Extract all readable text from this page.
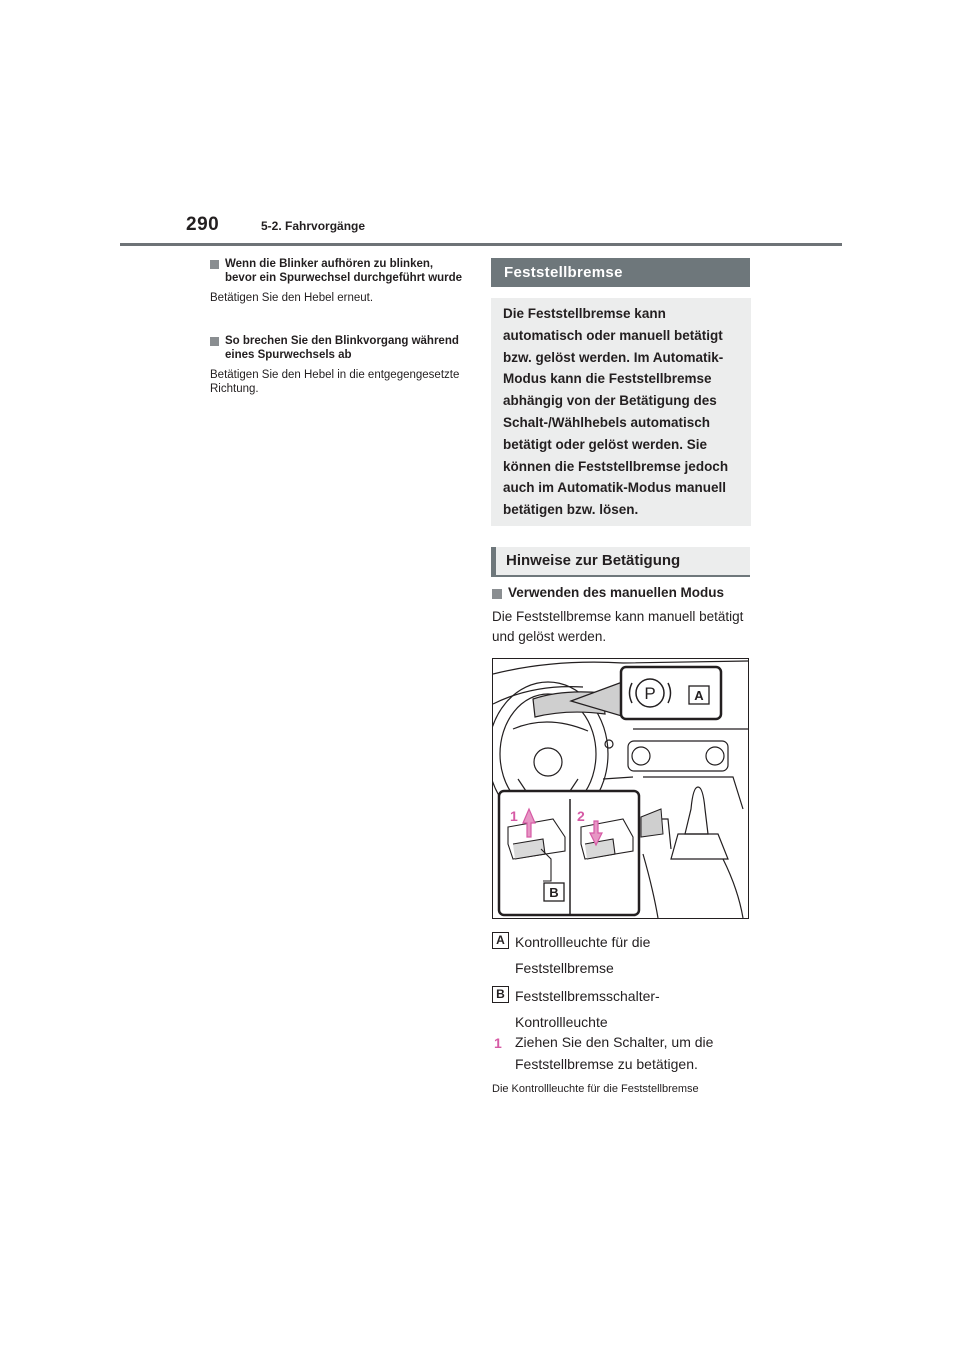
290	5-2. Fahrvorgänge
Wenn die Blinker aufhören zu blinken, bevor ein Spurwechsel durchgeführt wurde
Betätigen Sie den Hebel erneut.
So brechen Sie den Blinkvorgang während eines Spurwechsels ab
Betätigen Sie den Hebel in die entgegengesetzte Richtung.
Feststellbremse
Die Feststellbremse kann automatisch oder manuell betätigt bzw. gelöst werden. Im Automatik-Modus kann die Feststellbremse abhängig von der Betätigung des Schalt-/Wählhebels automatisch betätigt oder gelöst werden. Sie können die Feststellbremse jedoch auch im Automatik-Modus manuell betätigen bzw. lösen.
Hinweise zur Betätigung
Verwenden des manuellen Modus
Die Feststellbremse kann manuell betätigt und gelöst werden.
P	A
1
B
2
A Kontrollleuchte für die Feststellbremse
B Feststellbremsschalter-Kontrollleuchte
1 Ziehen Sie den Schalter, um die Feststellbremse zu betätigen.
Die Kontrollleuchte für die Feststellbremse
